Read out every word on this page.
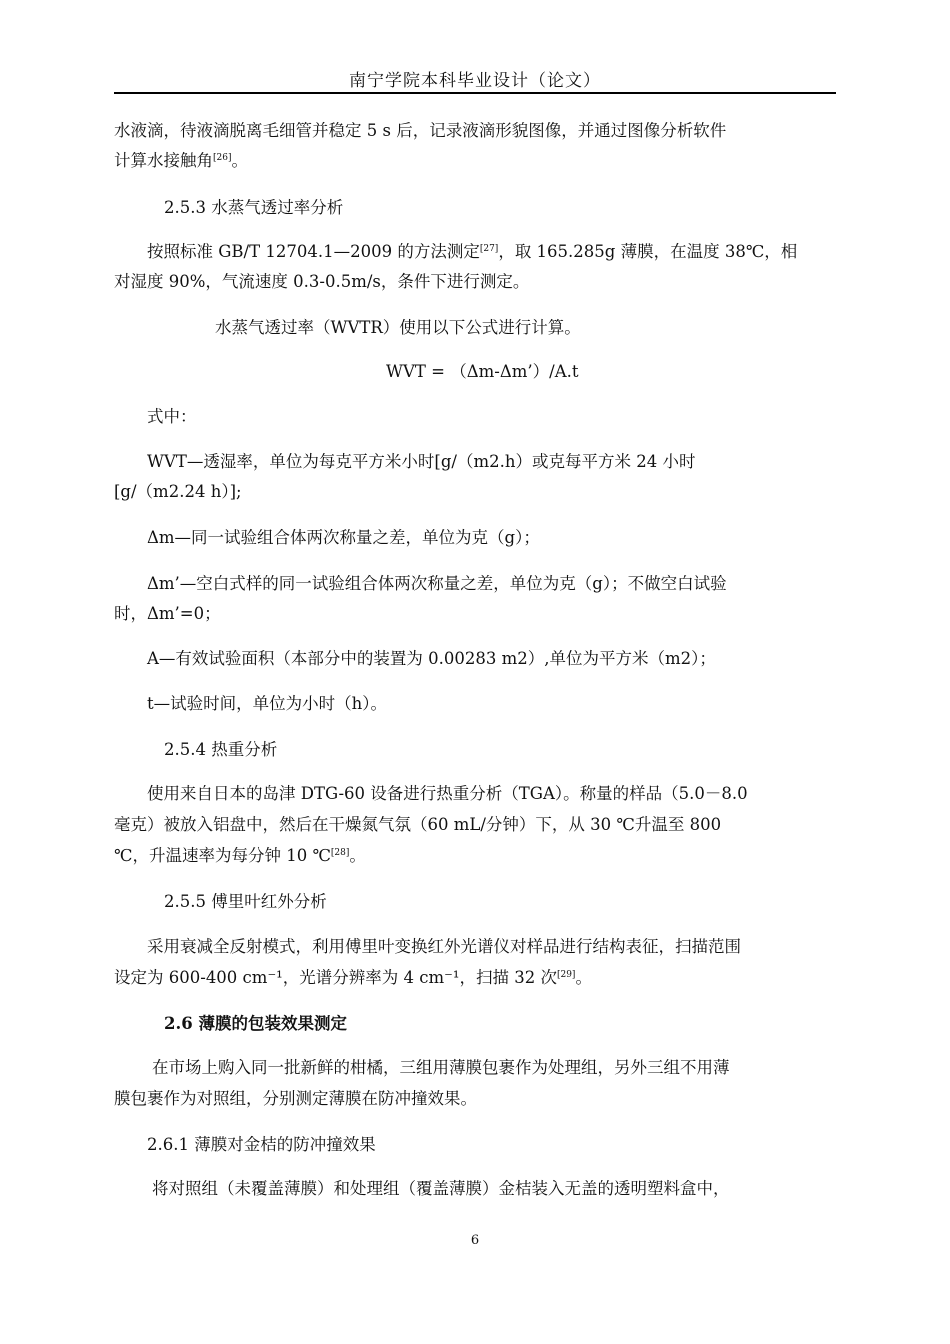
南宁学院本科毕业设计（论文）
水液滴，待液滴脱离毛细管并稳定 5 s 后，记录液滴形貌图像，并通过图像分析软件
计算水接触角[26]。
2.5.3 水蒸气透过率分析
按照标准 GB/T 12704.1—2009 的方法测定[27]，取 165.285g 薄膜，在温度 38℃，相
对湿度 90%，气流速度 0.3-0.5m/s，条件下进行测定。
水蒸气透过率（WVTR）使用以下公式进行计算。
WVT = （Δm-Δm’）/A.t
式中：
WVT—透湿率，单位为每克平方米小时[g/（m2.h）或克每平方米 24 小时
[g/（m2.24 h）];
Δm—同一试验组合体两次称量之差，单位为克（g）；
Δm’—空白式样的同一试验组合体两次称量之差，单位为克（g）；不做空白试验
时，Δm’=0；
A—有效试验面积（本部分中的装置为 0.00283 m2）,单位为平方米（m2）；
t—试验时间，单位为小时（h）。
2.5.4 热重分析
使用来自日本的岛津 DTG-60 设备进行热重分析（TGA）。称量的样品（5.0－8.0
毫克）被放入铝盘中，然后在干燥氮气氛（60 mL/分钟）下，从 30 ℃升温至 800
℃，升温速率为每分钟 10 ℃[28]。
2.5.5 傅里叶红外分析
采用衰减全反射模式，利用傅里叶变换红外光谱仪对样品进行结构表征，扫描范围
设定为 600-400 cm⁻¹，光谱分辨率为 4 cm⁻¹，扫描 32 次[29]。
2.6 薄膜的包装效果测定
在市场上购入同一批新鲜的柑橘，三组用薄膜包裹作为处理组，另外三组不用薄
膜包裹作为对照组，分别测定薄膜在防冲撞效果。
2.6.1 薄膜对金桔的防冲撞效果
将对照组（未覆盖薄膜）和处理组（覆盖薄膜）金桔装入无盖的透明塑料盒中，
6
